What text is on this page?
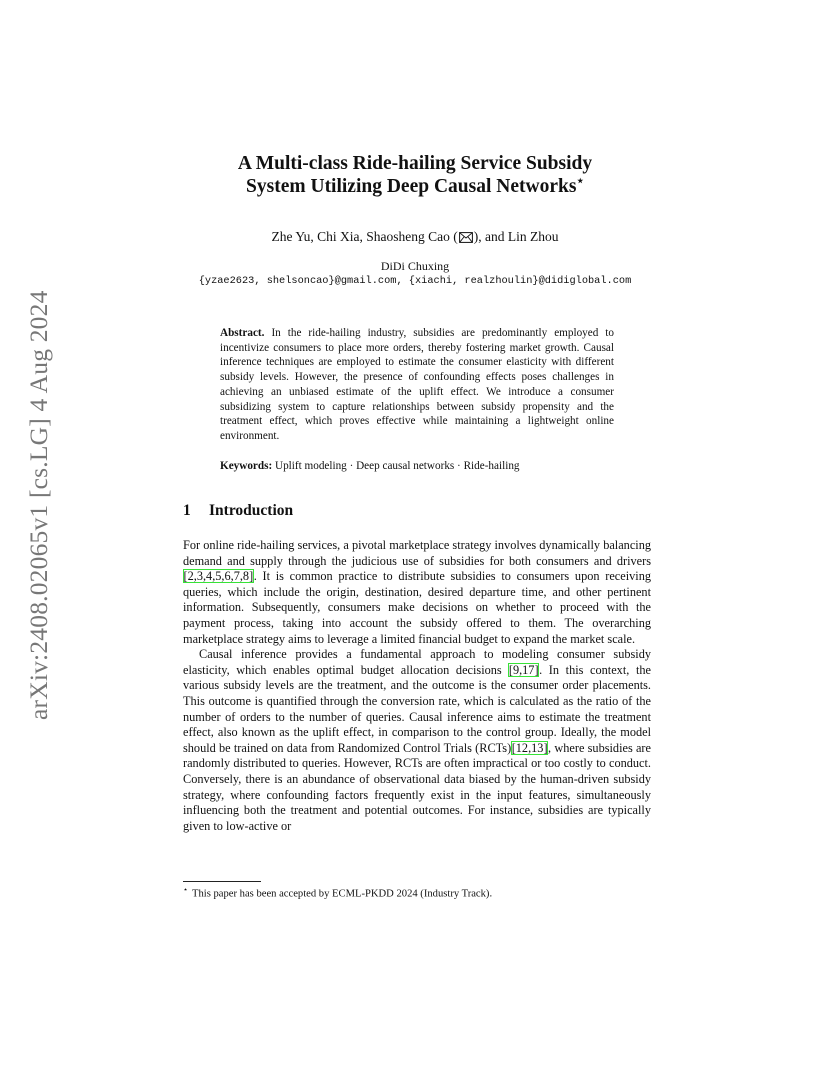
arXiv:2408.02065v1 [cs.LG] 4 Aug 2024
A Multi-class Ride-hailing Service Subsidy
System Utilizing Deep Causal Networks⋆
Zhe Yu, Chi Xia, Shaosheng Cao ( ), and Lin Zhou
DiDi Chuxing
{yzae2623, shelsoncao}@gmail.com, {xiachi, realzhoulin}@didiglobal.com
Abstract. In the ride-hailing industry, subsidies are predominantly employed to incentivize consumers to place more orders, thereby fostering market growth. Causal inference techniques are employed to estimate the consumer elasticity with different subsidy levels. However, the presence of confounding effects poses challenges in achieving an unbiased estimate of the uplift effect. We introduce a consumer subsidizing system to capture relationships between subsidy propensity and the treatment effect, which proves effective while maintaining a lightweight online environment.
Keywords: Uplift modeling · Deep causal networks · Ride-hailing
1 Introduction

For online ride-hailing services, a pivotal marketplace strategy involves dynamically balancing demand and supply through the judicious use of subsidies for both consumers and drivers [2,3,4,5,6,7,8]. It is common practice to distribute subsidies to consumers upon receiving queries, which include the origin, destination, desired departure time, and other pertinent information. Subsequently, consumers make decisions on whether to proceed with the payment process, taking into account the subsidy offered to them. The overarching marketplace strategy aims to leverage a limited financial budget to expand the market scale.

Causal inference provides a fundamental approach to modeling consumer subsidy elasticity, which enables optimal budget allocation decisions [9,17]. In this context, the various subsidy levels are the treatment, and the outcome is the consumer order placements. This outcome is quantified through the conversion rate, which is calculated as the ratio of the number of orders to the number of queries. Causal inference aims to estimate the treatment effect, also known as the uplift effect, in comparison to the control group. Ideally, the model should be trained on data from Randomized Control Trials (RCTs)[12,13], where subsidies are randomly distributed to queries. However, RCTs are often impractical or too costly to conduct. Conversely, there is an abundance of observational data biased by the human-driven subsidy strategy, where confounding factors frequently exist in the input features, simultaneously influencing both the treatment and potential outcomes. For instance, subsidies are typically given to low-active or

⋆ This paper has been accepted by ECML-PKDD 2024 (Industry Track).
